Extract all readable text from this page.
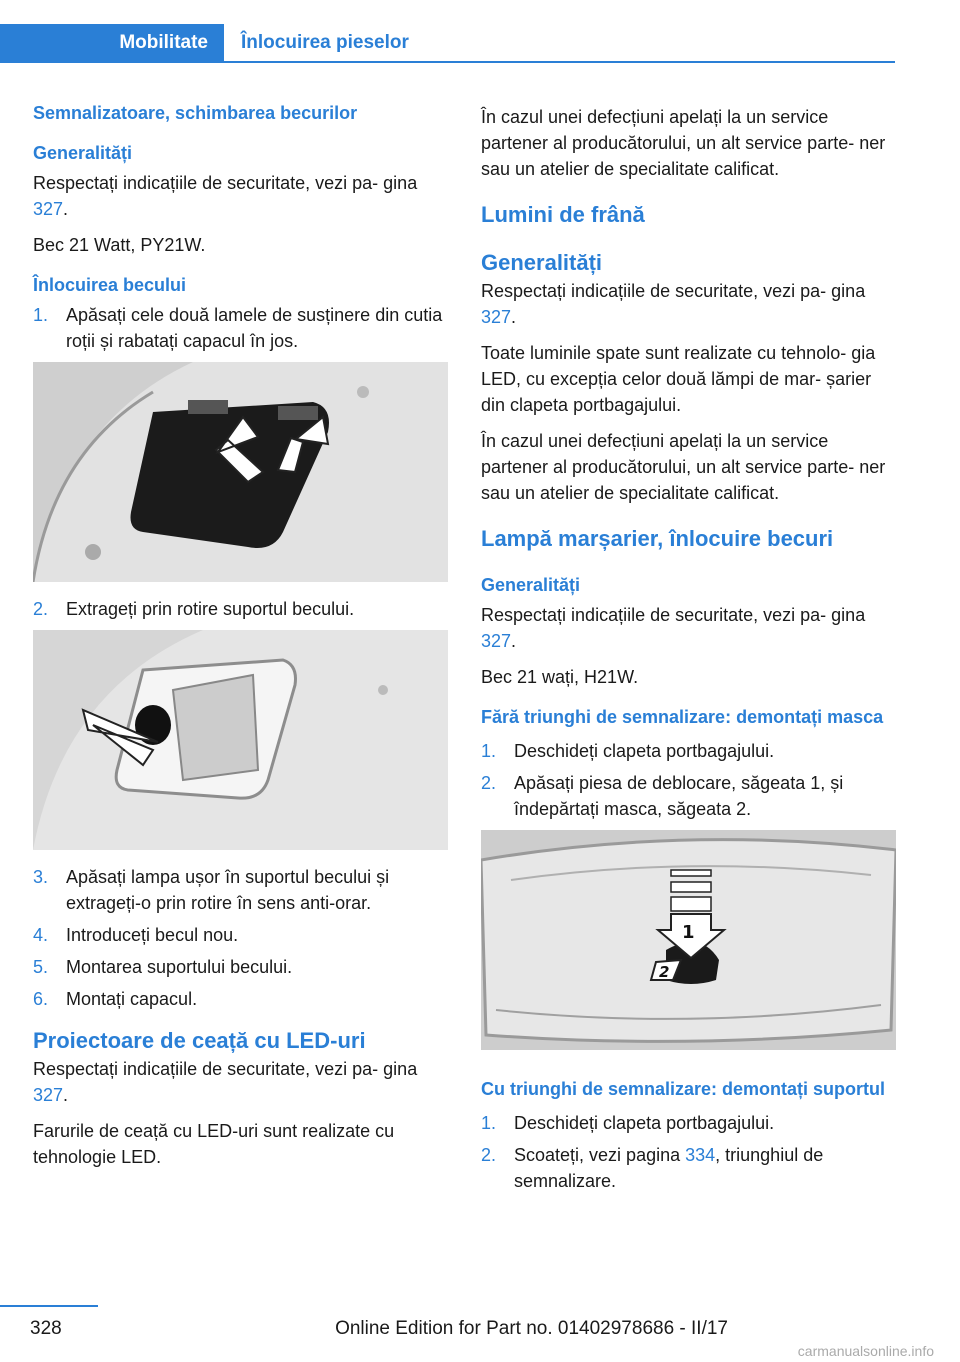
Mobilitate	Înlocuirea pieselor
Semnalizatoare, schimbarea becurilor
Generalități

Respectați indicațiile de securitate, vezi pa‐ gina 327.

Bec 21 Watt, PY21W.

Înlocuirea becului
1. Apăsați cele două lamele de susținere din cutia roții și rabatați capacul în jos.
2. Extrageți prin rotire suportul becului.
3. Apăsați lampa ușor în suportul becului și extrageți-o prin rotire în sens anti-orar.
4. Introduceți becul nou.
5. Montarea suportului becului.
6. Montați capacul.
Proiectoare de ceață cu LED-uri

Respectați indicațiile de securitate, vezi pa‐ gina 327.

Farurile de ceață cu LED-uri sunt realizate cu tehnologie LED.

În cazul unei defecțiuni apelați la un service partener al producătorului, un alt service parte‐ ner sau un atelier de specialitate calificat.

Lumini de frână
Generalități

Respectați indicațiile de securitate, vezi pa‐ gina 327.

Toate luminile spate sunt realizate cu tehnolo‐ gia LED, cu excepția celor două lămpi de mar‐ șarier din clapeta portbagajului.

În cazul unei defecțiuni apelați la un service partener al producătorului, un alt service parte‐ ner sau un atelier de specialitate calificat.

Lampă marșarier, înlocuire becuri
Generalități

Respectați indicațiile de securitate, vezi pa‐ gina 327.

Bec 21 wați, H21W.

Fără triunghi de semnalizare: demontați masca
1. Deschideți clapeta portbagajului.
2. Apăsați piesa de deblocare, săgeata 1, și îndepărtați masca, săgeata 2.
1
2
Cu triunghi de semnalizare: demontați suportul
1. Deschideți clapeta portbagajului.
2. Scoateți, vezi pagina 334, triunghiul de semnalizare.
328	Online Edition for Part no. 01402978686 - II/17
carmanualsonline.info
